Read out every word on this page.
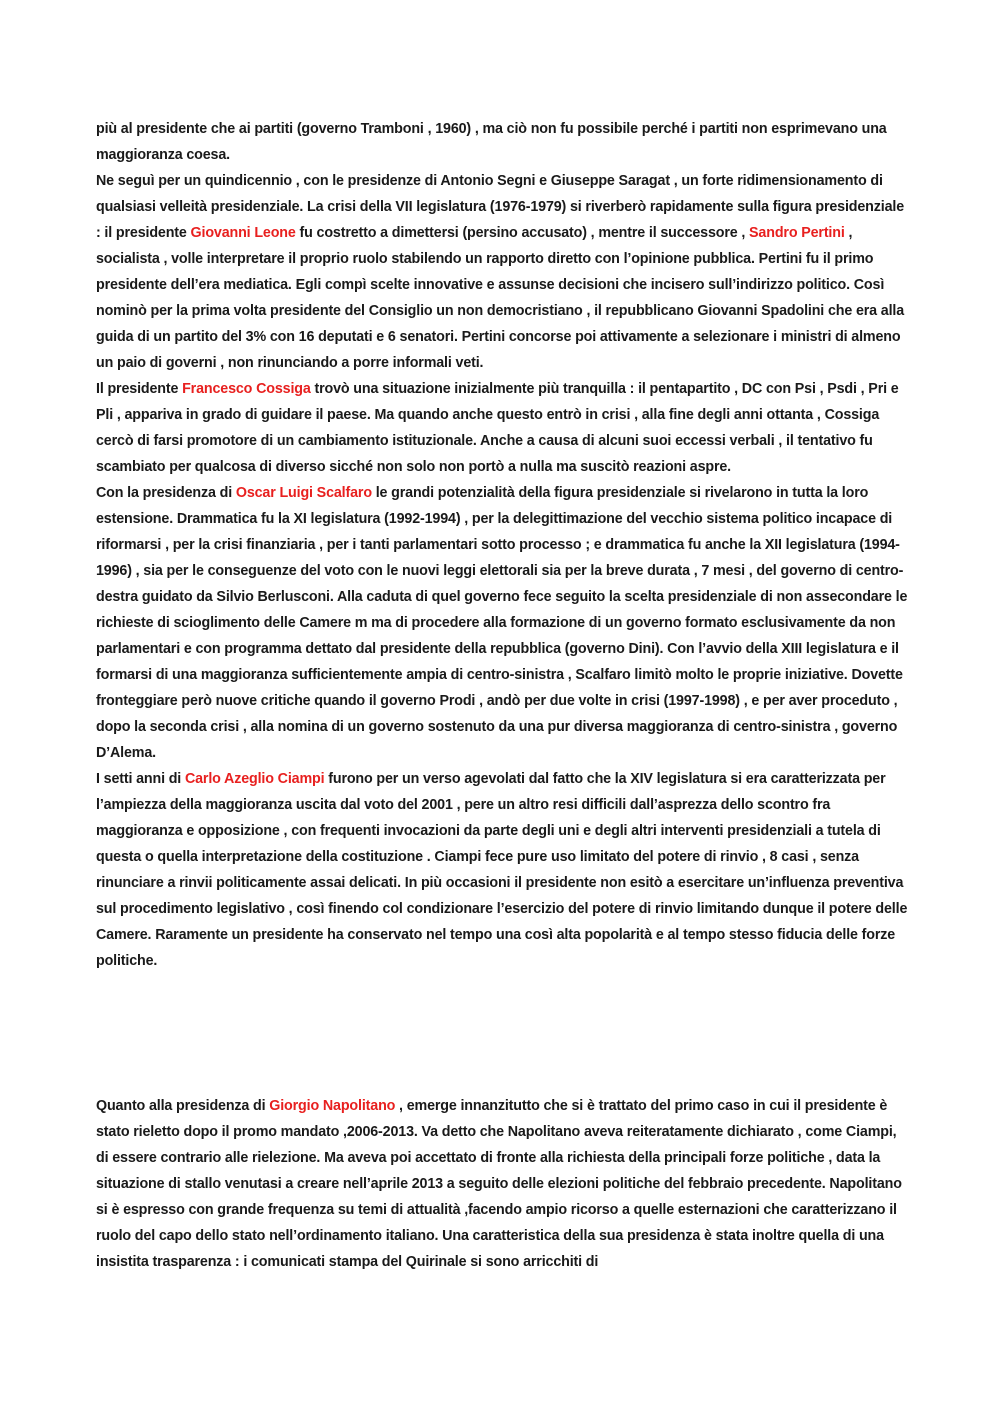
più al presidente che ai partiti (governo Tramboni , 1960) , ma ciò non fu possibile perché i partiti non esprimevano una maggioranza coesa.

Ne seguì per un quindicennio , con le presidenze di Antonio Segni e Giuseppe Saragat , un forte ridimensionamento di qualsiasi velleità presidenziale. La crisi della VII legislatura (1976-1979) si riverberò rapidamente sulla figura presidenziale : il presidente Giovanni Leone fu costretto a dimettersi (persino accusato) , mentre il successore , Sandro Pertini , socialista , volle interpretare il proprio ruolo stabilendo un rapporto diretto con l’opinione pubblica. Pertini fu il primo presidente dell’era mediatica. Egli compì scelte innovative e assunse decisioni che incisero sull’indirizzo politico. Così nominò per la prima volta presidente del Consiglio un non democristiano , il repubblicano Giovanni Spadolini che era alla guida di un partito del 3% con 16 deputati e 6 senatori. Pertini concorse poi attivamente a selezionare i ministri di almeno un paio di governi , non rinunciando a porre informali veti.

Il presidente Francesco Cossiga trovò una situazione inizialmente più tranquilla : il pentapartito , DC con Psi , Psdi , Pri e Pli , appariva in grado di guidare il paese. Ma quando anche questo entrò in crisi , alla fine degli anni ottanta , Cossiga cercò di farsi promotore di un cambiamento istituzionale. Anche a causa di alcuni suoi eccessi verbali , il tentativo fu scambiato per qualcosa di diverso sicché non solo non portò a nulla ma suscitò reazioni aspre.

Con la presidenza di Oscar Luigi Scalfaro le grandi potenzialità della figura presidenziale si rivelarono in tutta la loro estensione. Drammatica fu la XI legislatura (1992-1994) , per la delegittimazione del vecchio sistema politico incapace di riformarsi , per la crisi finanziaria , per i tanti parlamentari sotto processo ; e drammatica fu anche la XII legislatura (1994-1996) , sia per le conseguenze del voto con le nuovi leggi elettorali sia per la breve durata , 7 mesi , del governo di centro-destra guidato da Silvio Berlusconi. Alla caduta di quel governo fece seguito la scelta presidenziale di non assecondare le richieste di scioglimento delle Camere m ma di procedere alla formazione di un governo formato esclusivamente da non parlamentari e con programma dettato dal presidente della repubblica (governo Dini). Con l’avvio della XIII legislatura e il formarsi di una maggioranza sufficientemente ampia di centro-sinistra , Scalfaro limitò molto le proprie iniziative. Dovette fronteggiare però nuove critiche quando il governo Prodi , andò per due volte in crisi (1997-1998) , e per aver proceduto , dopo la seconda crisi , alla nomina di un governo sostenuto da una pur diversa maggioranza di centro-sinistra , governo D’Alema.

I setti anni di Carlo Azeglio Ciampi furono per un verso agevolati dal fatto che la XIV legislatura si era caratterizzata per l’ampiezza della maggioranza uscita dal voto del 2001 , pere un altro resi difficili dall’asprezza dello scontro fra maggioranza e opposizione , con frequenti invocazioni da parte degli uni e degli altri interventi presidenziali a tutela di questa o quella interpretazione della costituzione . Ciampi fece pure uso limitato del potere di rinvio , 8 casi , senza rinunciare a rinvii politicamente assai delicati. In più occasioni il presidente non esitò a esercitare un’influenza preventiva sul procedimento legislativo , così finendo col condizionare l’esercizio del potere di rinvio limitando dunque il potere delle Camere. Raramente un presidente ha conservato nel tempo una così alta popolarità e al tempo stesso fiducia delle forze politiche.

Quanto alla presidenza di Giorgio Napolitano , emerge innanzitutto che si è trattato del primo caso in cui il presidente è stato rieletto dopo il promo mandato ,2006-2013. Va detto che Napolitano aveva reiteratamente dichiarato , come Ciampi, di essere contrario alle rielezione. Ma aveva poi accettato di fronte alla richiesta della principali forze politiche , data la situazione di stallo venutasi a creare nell’aprile 2013 a seguito delle elezioni politiche del febbraio precedente. Napolitano si è espresso con grande frequenza su temi di attualità ,facendo ampio ricorso a quelle esternazioni che caratterizzano il ruolo del capo dello stato nell’ordinamento italiano. Una caratteristica della sua presidenza è stata inoltre quella di una insistita trasparenza : i comunicati stampa del Quirinale si sono arricchiti di
